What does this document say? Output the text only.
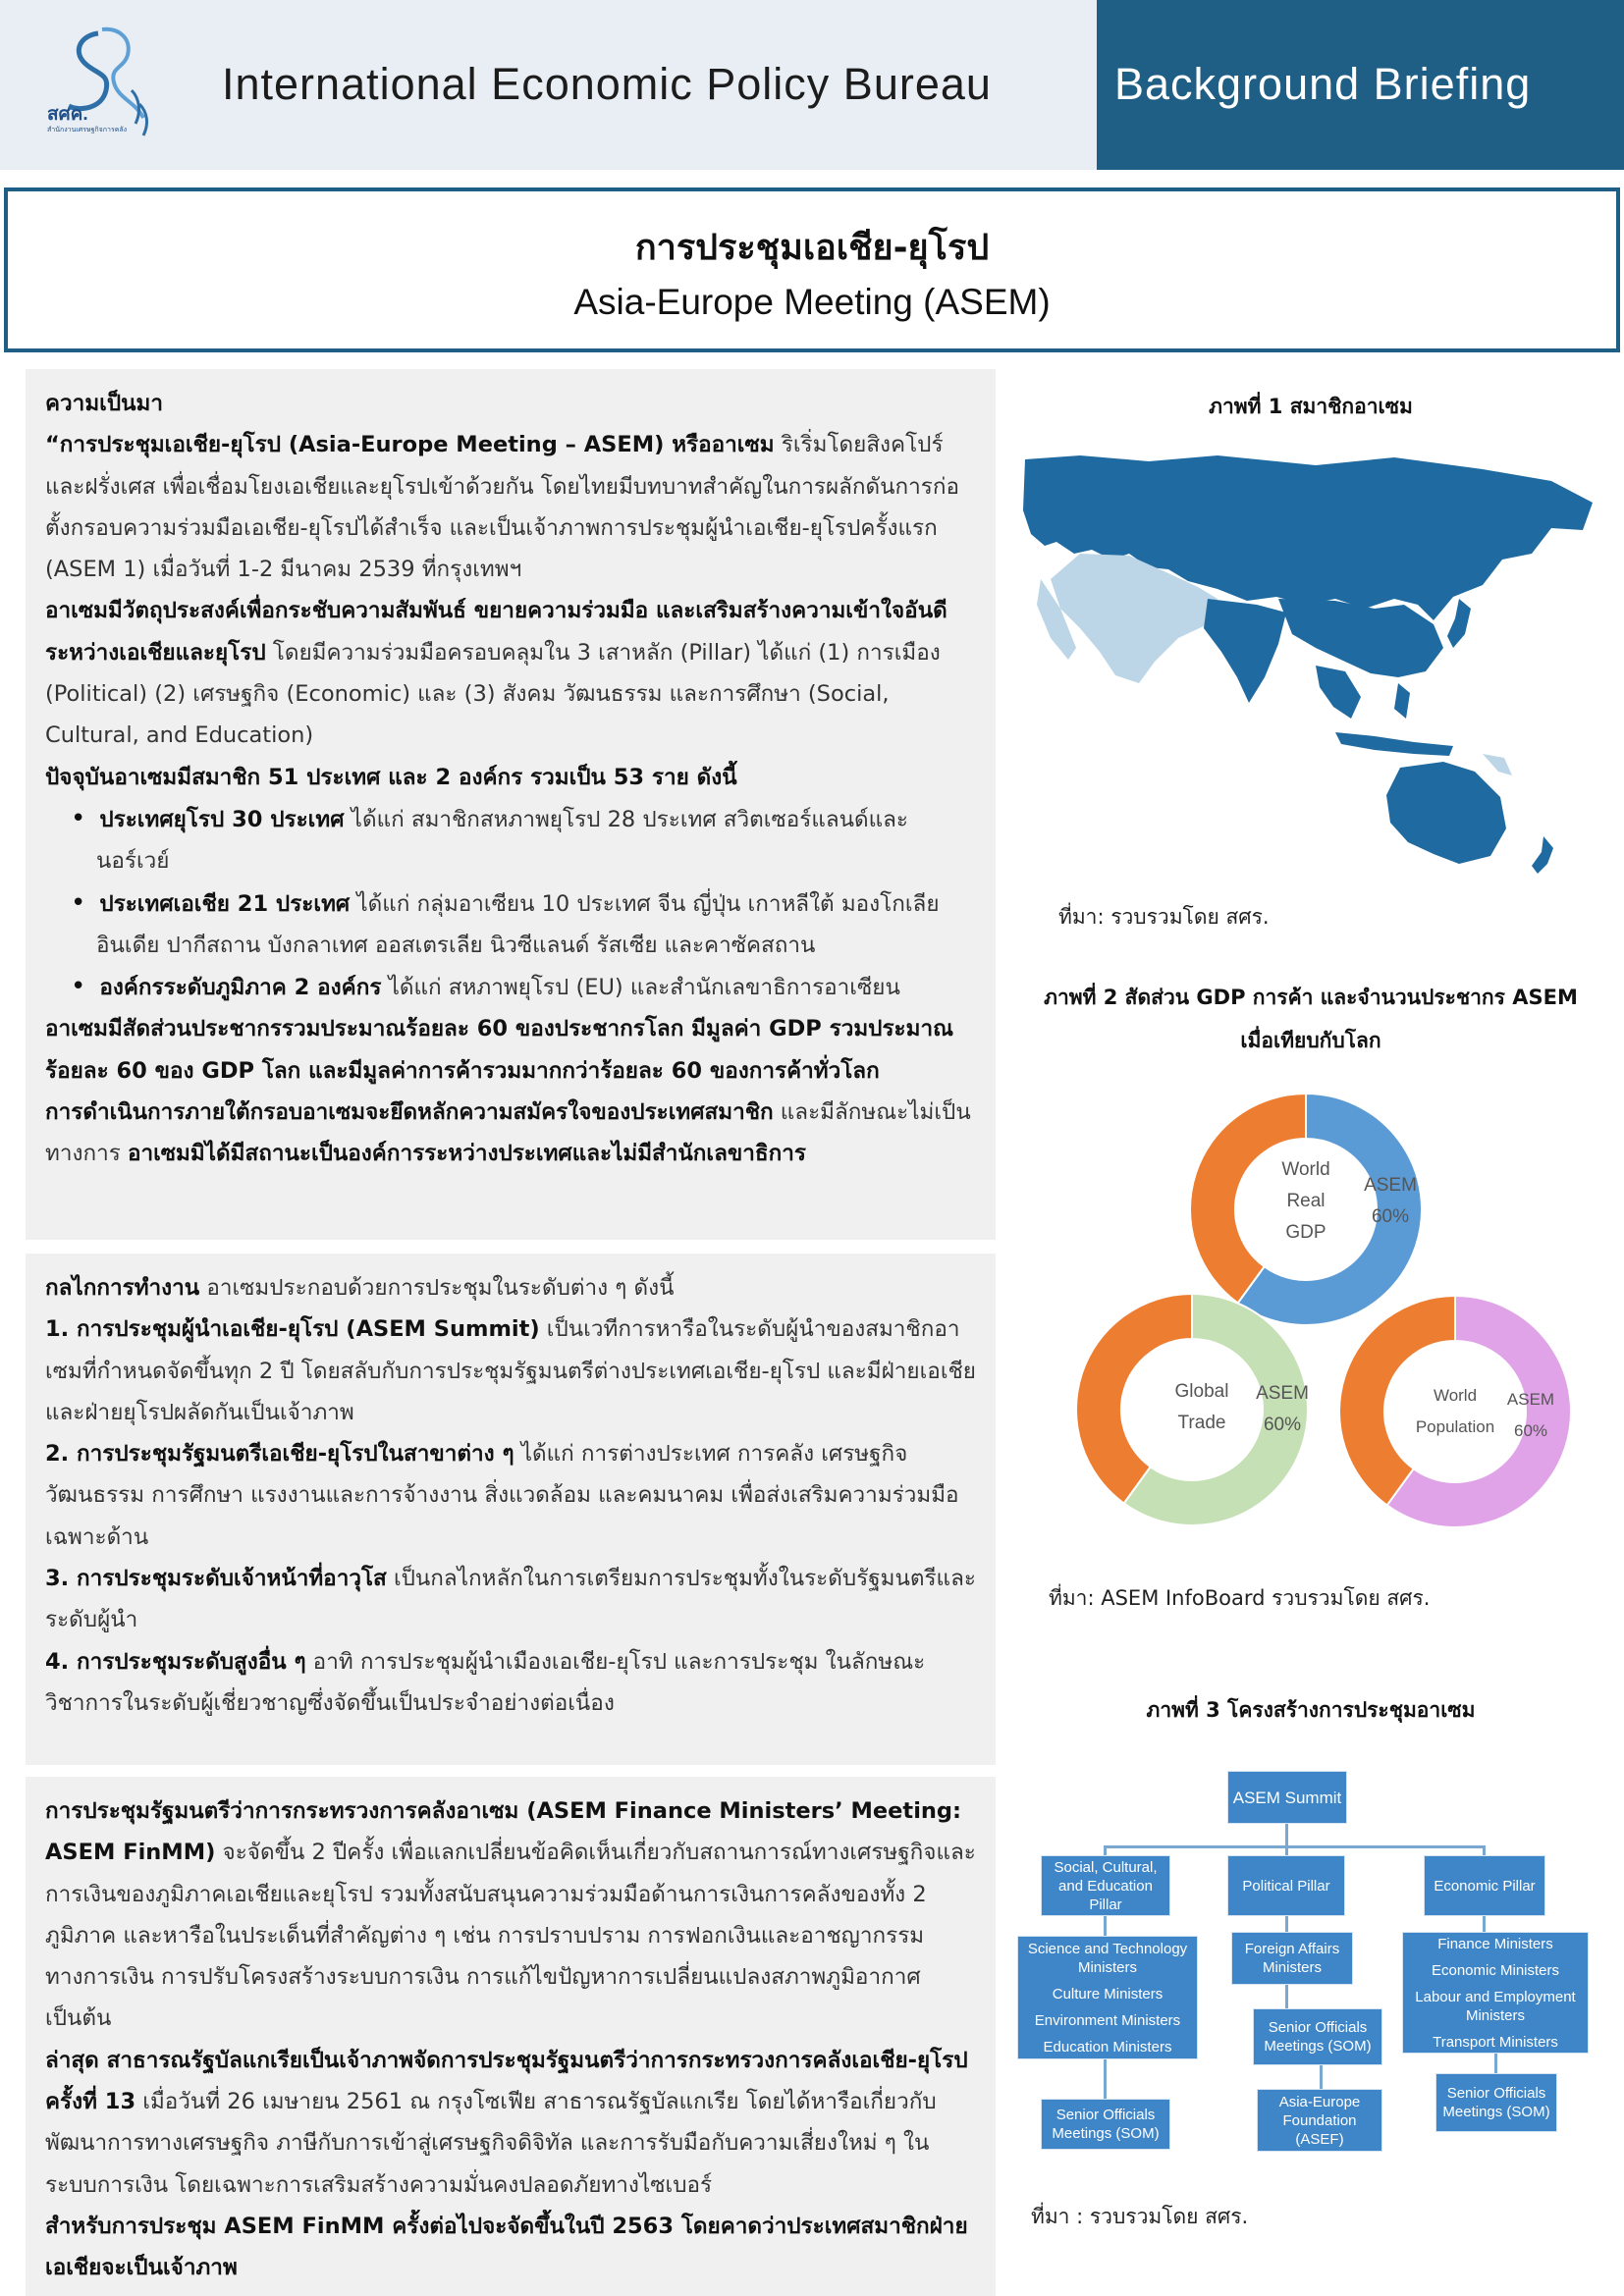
สศค.
สำนักงานเศรษฐกิจการคลัง
International Economic Policy Bureau	Background Briefing
การประชุมเอเชีย-ยุโรป
Asia-Europe Meeting (ASEM)

ความเป็นมา

“การประชุมเอเชีย-ยุโรป (Asia-Europe Meeting – ASEM) หรืออาเซม ริเริ่มโดยสิงคโปร์และฝรั่งเศส เพื่อเชื่อมโยงเอเชียและยุโรปเข้าด้วยกัน โดยไทยมีบทบาทสำคัญในการผลักดันการก่อตั้งกรอบความร่วมมือเอเชีย-ยุโรปได้สำเร็จ และเป็นเจ้าภาพการประชุมผู้นำเอเชีย-ยุโรปครั้งแรก (ASEM 1) เมื่อวันที่ 1-2 มีนาคม 2539 ที่กรุงเทพฯ

อาเซมมีวัตถุประสงค์เพื่อกระชับความสัมพันธ์ ขยายความร่วมมือ และเสริมสร้างความเข้าใจอันดีระหว่างเอเชียและยุโรป โดยมีความร่วมมือครอบคลุมใน 3 เสาหลัก (Pillar) ได้แก่ (1) การเมือง (Political) (2) เศรษฐกิจ (Economic) และ (3) สังคม วัฒนธรรม และการศึกษา (Social, Cultural, and Education)

ปัจจุบันอาเซมมีสมาชิก 51 ประเทศ และ 2 องค์กร รวมเป็น 53 ราย ดังนี้

• ประเทศยุโรป 30 ประเทศ ได้แก่ สมาชิกสหภาพยุโรป 28 ประเทศ สวิตเซอร์แลนด์และนอร์เวย์

• ประเทศเอเชีย 21 ประเทศ ได้แก่ กลุ่มอาเซียน 10 ประเทศ จีน ญี่ปุ่น เกาหลีใต้ มองโกเลีย อินเดีย ปากีสถาน บังกลาเทศ ออสเตรเลีย นิวซีแลนด์ รัสเซีย และคาซัคสถาน

• องค์กรระดับภูมิภาค 2 องค์กร ได้แก่ สหภาพยุโรป (EU) และสำนักเลขาธิการอาเซียน

อาเซมมีสัดส่วนประชากรรวมประมาณร้อยละ 60 ของประชากรโลก มีมูลค่า GDP รวมประมาณร้อยละ 60 ของ GDP โลก และมีมูลค่าการค้ารวมมากกว่าร้อยละ 60 ของการค้าทั่วโลก

การดำเนินการภายใต้กรอบอาเซมจะยึดหลักความสมัครใจของประเทศสมาชิก และมีลักษณะไม่เป็นทางการ อาเซมมิได้มีสถานะเป็นองค์การระหว่างประเทศและไม่มีสำนักเลขาธิการ

กลไกการทำงาน อาเซมประกอบด้วยการประชุมในระดับต่าง ๆ ดังนี้

1. การประชุมผู้นำเอเชีย-ยุโรป (ASEM Summit) เป็นเวทีการหารือในระดับผู้นำของสมาชิกอาเซมที่กำหนดจัดขึ้นทุก 2 ปี โดยสลับกับการประชุมรัฐมนตรีต่างประเทศเอเชีย-ยุโรป และมีฝ่ายเอเชียและฝ่ายยุโรปผลัดกันเป็นเจ้าภาพ

2. การประชุมรัฐมนตรีเอเชีย-ยุโรปในสาขาต่าง ๆ ได้แก่ การต่างประเทศ การคลัง เศรษฐกิจ วัฒนธรรม การศึกษา แรงงานและการจ้างงาน สิ่งแวดล้อม และคมนาคม เพื่อส่งเสริมความร่วมมือเฉพาะด้าน

3. การประชุมระดับเจ้าหน้าที่อาวุโส เป็นกลไกหลักในการเตรียมการประชุมทั้งในระดับรัฐมนตรีและระดับผู้นำ

4. การประชุมระดับสูงอื่น ๆ อาทิ การประชุมผู้นำเมืองเอเชีย-ยุโรป และการประชุม ในลักษณะวิชาการในระดับผู้เชี่ยวชาญซึ่งจัดขึ้นเป็นประจำอย่างต่อเนื่อง

การประชุมรัฐมนตรีว่าการกระทรวงการคลังอาเซม (ASEM Finance Ministers’ Meeting: ASEM FinMM) จะจัดขึ้น 2 ปีครั้ง เพื่อแลกเปลี่ยนข้อคิดเห็นเกี่ยวกับสถานการณ์ทางเศรษฐกิจและการเงินของภูมิภาคเอเชียและยุโรป รวมทั้งสนับสนุนความร่วมมือด้านการเงินการคลังของทั้ง 2 ภูมิภาค และหารือในประเด็นที่สำคัญต่าง ๆ เช่น การปราบปราม การฟอกเงินและอาชญากรรมทางการเงิน การปรับโครงสร้างระบบการเงิน การแก้ไขปัญหาการเปลี่ยนแปลงสภาพภูมิอากาศ เป็นต้น

ล่าสุด สาธารณรัฐบัลแกเรียเป็นเจ้าภาพจัดการประชุมรัฐมนตรีว่าการกระทรวงการคลังเอเชีย-ยุโรป ครั้งที่ 13 เมื่อวันที่ 26 เมษายน 2561 ณ กรุงโซเฟีย สาธารณรัฐบัลแกเรีย โดยได้หารือเกี่ยวกับพัฒนาการทางเศรษฐกิจ ภาษีกับการเข้าสู่เศรษฐกิจดิจิทัล และการรับมือกับความเสี่ยงใหม่ ๆ ในระบบการเงิน โดยเฉพาะการเสริมสร้างความมั่นคงปลอดภัยทางไซเบอร์

สำหรับการประชุม ASEM FinMM ครั้งต่อไปจะจัดขึ้นในปี 2563 โดยคาดว่าประเทศสมาชิกฝ่ายเอเชียจะเป็นเจ้าภาพ

ภาพที่ 1 สมาชิกอาเซม
ที่มา: รวบรวมโดย สศร.
ภาพที่ 2 สัดส่วน GDP การค้า และจำนวนประชากร ASEM
เมื่อเทียบกับโลก
World
Real
GDP
ASEM
60%
Global
Trade
ASEM
60%
World
Population
ASEM
60%
ที่มา: ASEM InfoBoard รวบรวมโดย สศร.
ภาพที่ 3 โครงสร้างการประชุมอาเซม
ASEM Summit
Social, Cultural,
and Education
Pillar
Political Pillar	Economic Pillar
Science and Technology
Ministers
Culture Ministers
Environment Ministers
Education Ministers
Senior Officials
Meetings (SOM)
Foreign Affairs
Ministers
Senior Officials
Meetings (SOM)
Asia-Europe
Foundation
(ASEF)
Finance Ministers
Economic Ministers
Labour and Employment
Ministers
Transport Ministers
Senior Officials
Meetings (SOM)
ที่มา : รวบรวมโดย สศร.
